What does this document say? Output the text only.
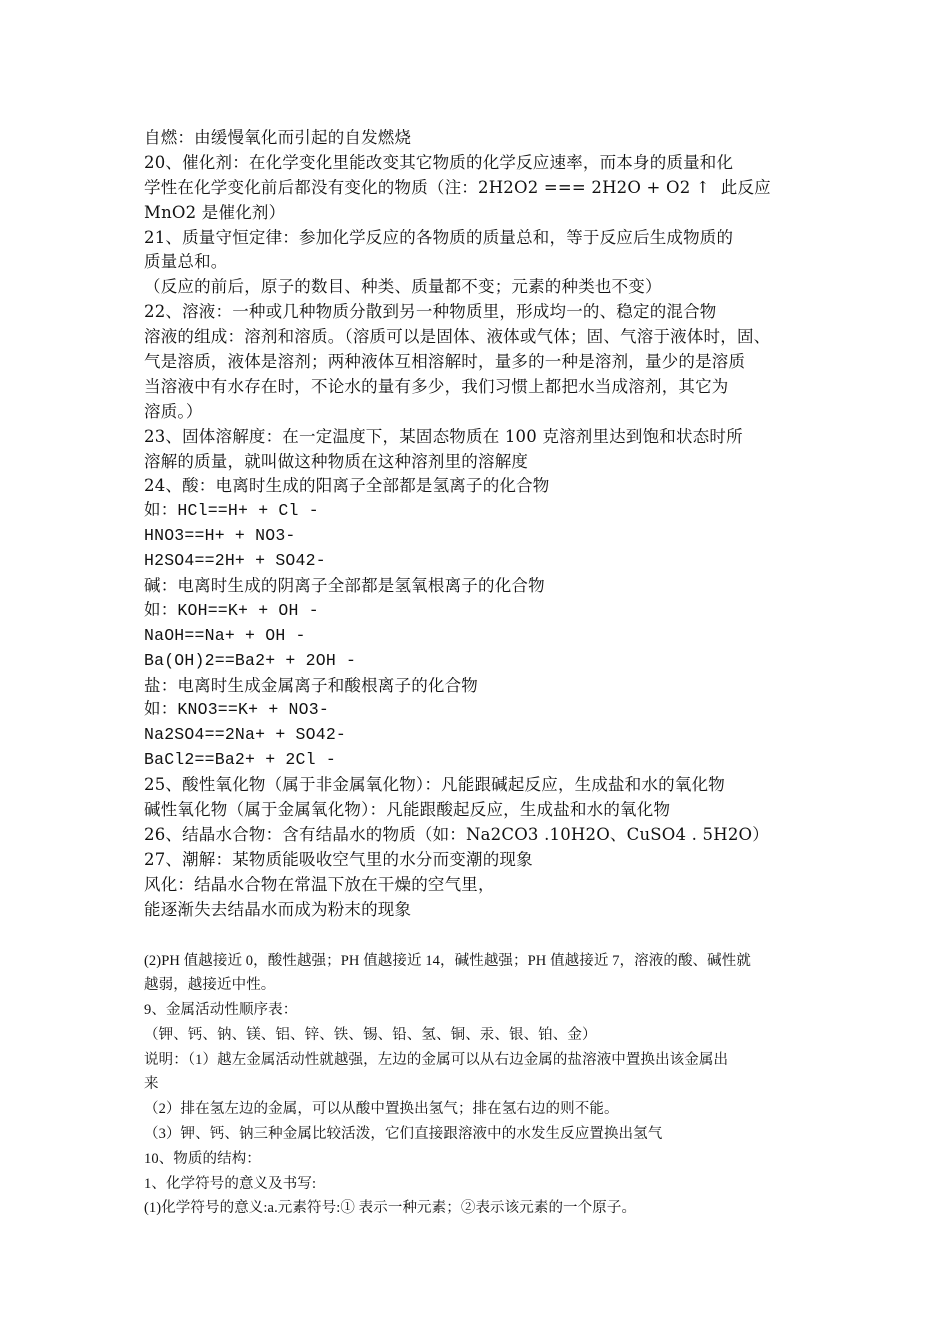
自燃：由缓慢氧化而引起的自发燃烧
20、催化剂：在化学变化里能改变其它物质的化学反应速率，而本身的质量和化
学性在化学变化前后都没有变化的物质（注：2H2O2 === 2H2O + O2 ↑  此反应
MnO2 是催化剂）
21、质量守恒定律：参加化学反应的各物质的质量总和，等于反应后生成物质的
质量总和。
（反应的前后，原子的数目、种类、质量都不变；元素的种类也不变）
22、溶液：一种或几种物质分散到另一种物质里，形成均一的、稳定的混合物
溶液的组成：溶剂和溶质。（溶质可以是固体、液体或气体；固、气溶于液体时，固、
气是溶质，液体是溶剂；两种液体互相溶解时，量多的一种是溶剂，量少的是溶质
当溶液中有水存在时，不论水的量有多少，我们习惯上都把水当成溶剂，其它为
溶质。）
23、固体溶解度：在一定温度下，某固态物质在 100 克溶剂里达到饱和状态时所
溶解的质量，就叫做这种物质在这种溶剂里的溶解度
24、酸：电离时生成的阳离子全部都是氢离子的化合物
如：HCl==H+ + Cl -
HNO3==H+ + NO3-
H2SO4==2H+ + SO42-
碱：电离时生成的阴离子全部都是氢氧根离子的化合物
如：KOH==K+ + OH -
NaOH==Na+ + OH -
Ba(OH)2==Ba2+ + 2OH -
盐：电离时生成金属离子和酸根离子的化合物
如：KNO3==K+ + NO3-
Na2SO4==2Na+ + SO42-
BaCl2==Ba2+ + 2Cl -
25、酸性氧化物（属于非金属氧化物）：凡能跟碱起反应，生成盐和水的氧化物
碱性氧化物（属于金属氧化物）：凡能跟酸起反应，生成盐和水的氧化物
26、结晶水合物：含有结晶水的物质（如：Na2CO3 .10H2O、CuSO4 . 5H2O）
27、潮解：某物质能吸收空气里的水分而变潮的现象
风化：结晶水合物在常温下放在干燥的空气里，
能逐渐失去结晶水而成为粉末的现象
(2)PH 值越接近 0，酸性越强；PH 值越接近 14，碱性越强；PH 值越接近 7，溶液的酸、碱性就
越弱，越接近中性。
9、金属活动性顺序表：
（钾、钙、钠、镁、铝、锌、铁、锡、铅、氢、铜、汞、银、铂、金）
说明：（1）越左金属活动性就越强，左边的金属可以从右边金属的盐溶液中置换出该金属出
来
（2）排在氢左边的金属，可以从酸中置换出氢气；排在氢右边的则不能。
（3）钾、钙、钠三种金属比较活泼，它们直接跟溶液中的水发生反应置换出氢气
10、物质的结构：
1、化学符号的意义及书写:
(1)化学符号的意义:a.元素符号:① 表示一种元素；②表示该元素的一个原子。
